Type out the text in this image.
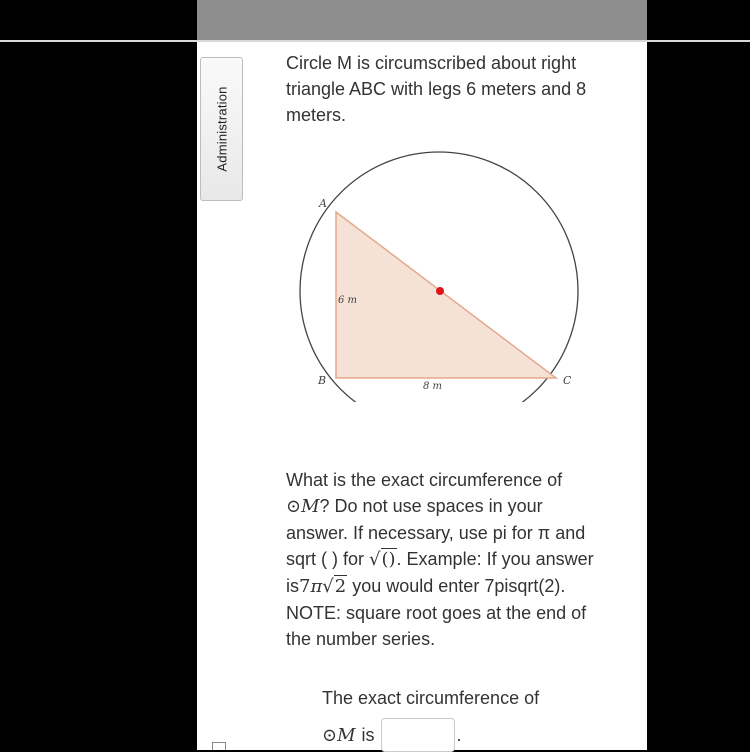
Administration
Circle M is circumscribed about right triangle ABC with legs 6 meters and 8 meters.
A
B	C
6 m
8 m
What is the exact circumference of ⊙M? Do not use spaces in your answer. If necessary, use pi for π and sqrt ( ) for √(). Example: If you answer is7π√2 you would enter 7pisqrt(2). NOTE: square root goes at the end of the number series.
The exact circumference of
⊙ M is	.
